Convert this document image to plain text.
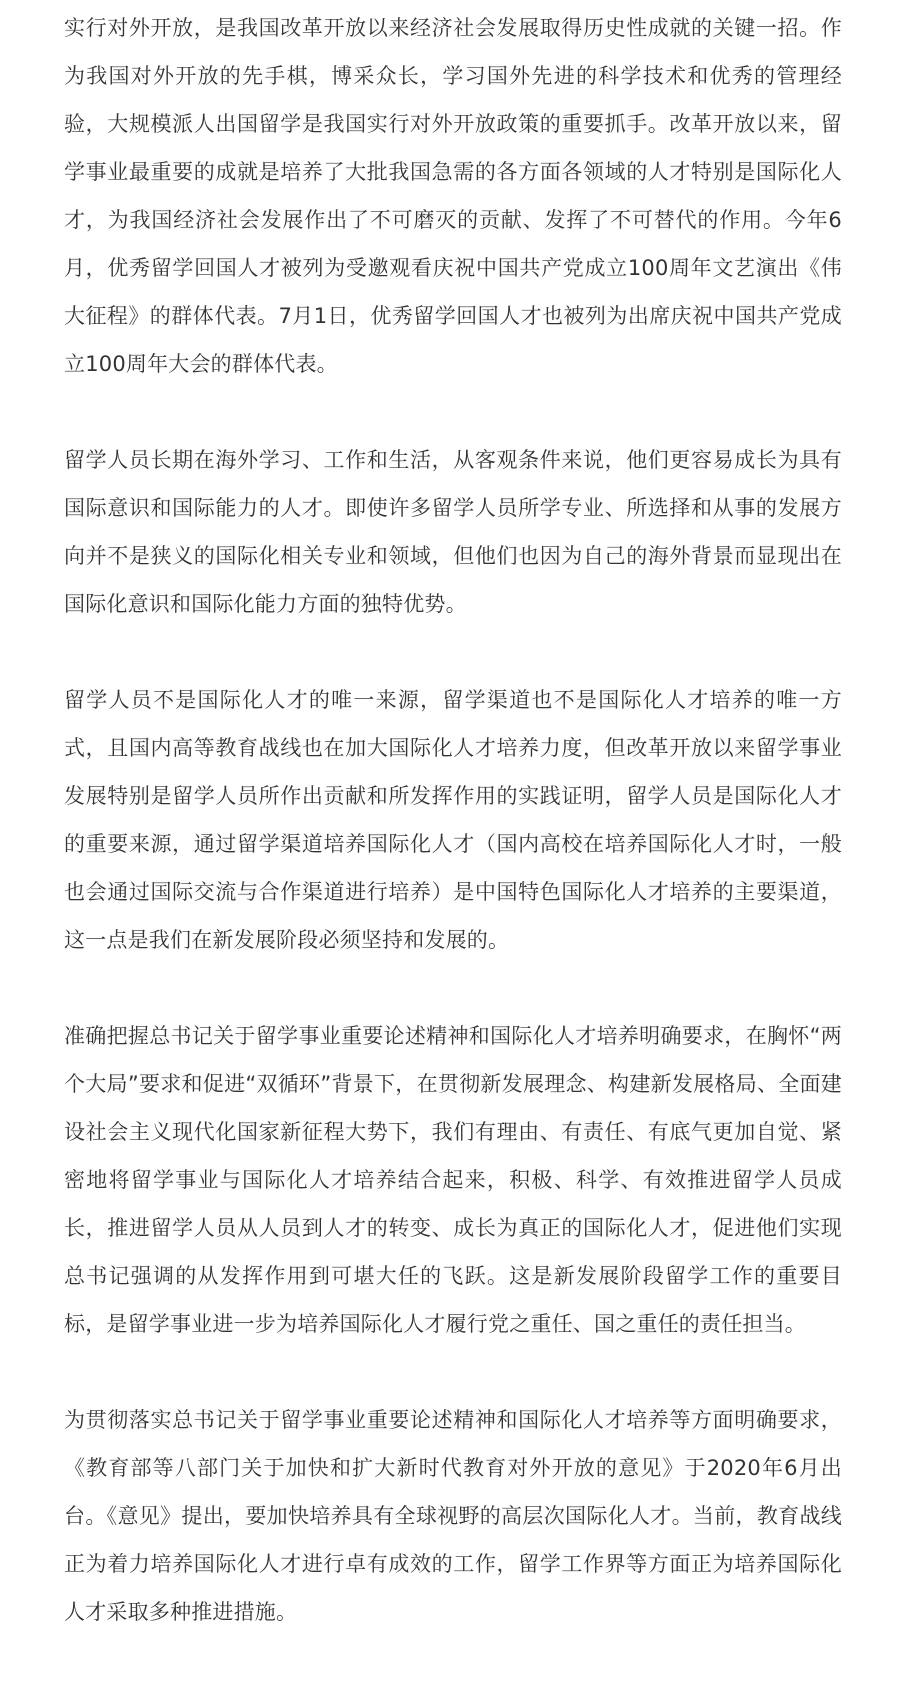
实行对外开放，是我国改革开放以来经济社会发展取得历史性成就的关键一招。作为我国对外开放的先手棋，博采众长，学习国外先进的科学技术和优秀的管理经验，大规模派人出国留学是我国实行对外开放政策的重要抓手。改革开放以来，留学事业最重要的成就是培养了大批我国急需的各方面各领域的人才特别是国际化人才，为我国经济社会发展作出了不可磨灭的贡献、发挥了不可替代的作用。今年6月，优秀留学回国人才被列为受邀观看庆祝中国共产党成立100周年文艺演出《伟大征程》的群体代表。7月1日，优秀留学回国人才也被列为出席庆祝中国共产党成立100周年大会的群体代表。

留学人员长期在海外学习、工作和生活，从客观条件来说，他们更容易成长为具有国际意识和国际能力的人才。即使许多留学人员所学专业、所选择和从事的发展方向并不是狭义的国际化相关专业和领域，但他们也因为自己的海外背景而显现出在国际化意识和国际化能力方面的独特优势。

留学人员不是国际化人才的唯一来源，留学渠道也不是国际化人才培养的唯一方式，且国内高等教育战线也在加大国际化人才培养力度，但改革开放以来留学事业发展特别是留学人员所作出贡献和所发挥作用的实践证明，留学人员是国际化人才的重要来源，通过留学渠道培养国际化人才（国内高校在培养国际化人才时，一般也会通过国际交流与合作渠道进行培养）是中国特色国际化人才培养的主要渠道，这一点是我们在新发展阶段必须坚持和发展的。

准确把握总书记关于留学事业重要论述精神和国际化人才培养明确要求，在胸怀“两个大局”要求和促进“双循环”背景下，在贯彻新发展理念、构建新发展格局、全面建设社会主义现代化国家新征程大势下，我们有理由、有责任、有底气更加自觉、紧密地将留学事业与国际化人才培养结合起来，积极、科学、有效推进留学人员成长，推进留学人员从人员到人才的转变、成长为真正的国际化人才，促进他们实现总书记强调的从发挥作用到可堪大任的飞跃。这是新发展阶段留学工作的重要目标，是留学事业进一步为培养国际化人才履行党之重任、国之重任的责任担当。

为贯彻落实总书记关于留学事业重要论述精神和国际化人才培养等方面明确要求，《教育部等八部门关于加快和扩大新时代教育对外开放的意见》于2020年6月出台。《意见》提出，要加快培养具有全球视野的高层次国际化人才。当前，教育战线正为着力培养国际化人才进行卓有成效的工作，留学工作界等方面正为培养国际化人才采取多种推进措施。
